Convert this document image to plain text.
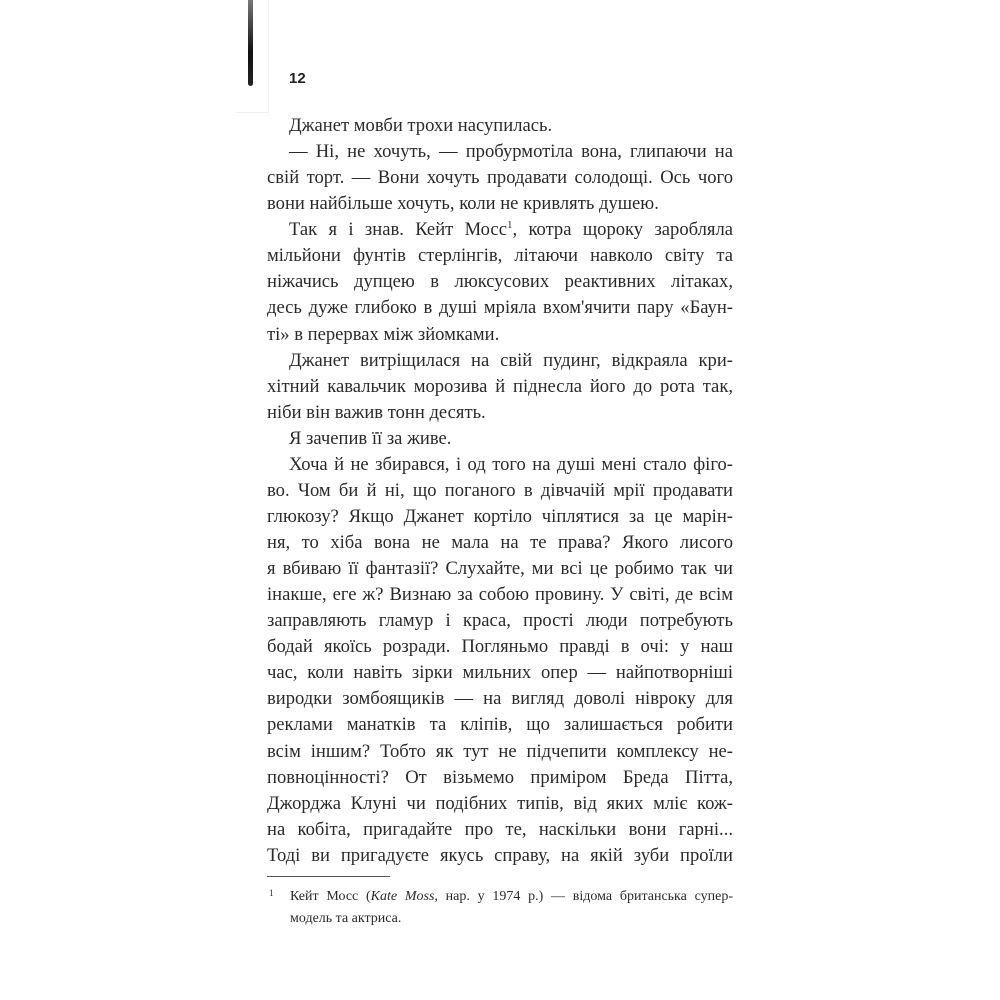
12
Джанет мовби трохи насупилась.
— Ні, не хочуть, — пробурмотіла вона, глипаючи на
свій торт. — Вони хочуть продавати солодощі. Ось чого
вони найбільше хочуть, коли не кривлять душею.
Так я і знав. Кейт Мосс$^1$, котра щороку заробляла
мільйони фунтів стерлінгів, літаючи навколо світу та
ніжачись дупцею в люксусових реактивних літаках,
десь дуже глибоко в душі мріяла вхом'ячити пару «Баун-
ті» в перервах між зйомками.
Джанет витріщилася на свій пудинг, відкраяла кри-
хітний кавальчик морозива й піднесла його до рота так,
ніби він важив тонн десять.
Я зачепив її за живе.
Хоча й не збирався, і од того на душі мені стало фіго-
во. Чом би й ні, що поганого в дівчачій мрії продавати
глюкозу? Якщо Джанет кортіло чіплятися за це марін-
ня, то хіба вона не мала на те права? Якого лисого
я вбиваю її фантазії? Слухайте, ми всі це робимо так чи
інакше, еге ж? Визнаю за собою провину. У світі, де всім
заправляють гламур і краса, прості люди потребують
бодай якоїсь розради. Погляньмо правді в очі: у наш
час, коли навіть зірки мильних опер — найпотворніші
виродки зомбоящиків — на вигляд доволі нівроку для
реклами манатків та кліпів, що залишається робити
всім іншим? Тобто як тут не підчепити комплексу не-
повноцінності? От візьмемо приміром Бреда Пітта,
Джорджа Клуні чи подібних типів, від яких мліє кож-
на кобіта, пригадайте про те, наскільки вони гарні...
Тоді ви пригадуєте якусь справу, на якій зуби проїли
1	Кейт Мосс (Kate Moss, нар. у 1974 р.) — відома британська супер-
модель та актриса.
